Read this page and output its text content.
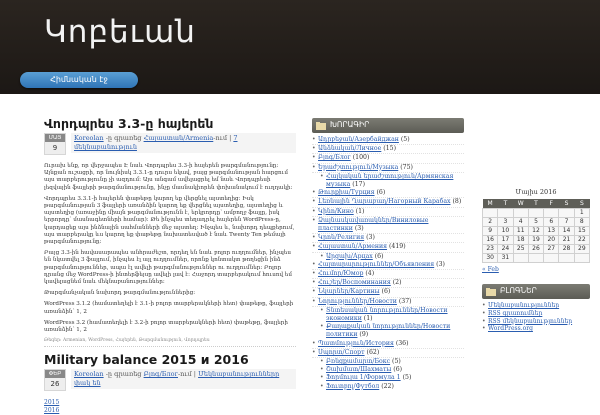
Կոբեւան
Հիմնական էջ
Վորդպրես 3.3-ը հայերեն
ՄԱՅ
9
Koreolan -ը գրառեց Հայաստան/Armenia-ում | 7 մեկնաբանություն

Ուրախ ենք, որ վերջապես Է նաև Վորդպրես 3.3-ի հայերեն թարգմանությունը: Այնքան ուշացրի, որ նույնիսկ 3.3.1-ը դուրս եկավ, բայց թարգմանության հարցում այս տարբերությունը չի ազդում: Այս անգամ ավելացրել եմ նաև Վորդպրեսի լեզվային ֆայլերի թարգմանությունը, ինչը մասնակիորեն փոխանակում է ուղղակի:

Վորդպրես 3.3.1-ի հայերեն փաթեթը կարող եք վերցնել այստեղից: Իսկ թարգմանության 3 ֆայլերի առանձին կարող եք վերցնել այստեղից, այստեղից և այստեղից (առաջինը միայն թարգմանությունն է, երկրորդը՝ ամբողջ ֆայլը, իսկ երրորդը՝ մասնագետների համար): Թե ինչպես տեղադրել հայերեն WordPress-ը, կարդացեք այս ինձնային սահմանների մեջ այստեղ: Ինչպես և, նախորդ դեպքերում, այս տարբերակը ևս կարող եք փաթեթը նախատեսված է նաև Twenty Ten թեմայի թարգմանությունը:

Բայց 3.3-ին հավասարապես անհրաժեշտ, որդեղ են նաև բոլոր ուղղումներ, ինչպես են նկատվել 3 ֆայլում, ինչպես էլ այլ ուղղումներ, որոնք կոնտակտ թողեցին ինձ թարգմանություններ, ապա էլ ավելի թարգմանություններ ու ուղղումներ: Բոլոր դրանց մեջ WordPress-ի ինտերֆեյսը ավելի լավ է: Հաջորդ տարբերակում հուսով եմ կավելացնեմ նաև մեկնաբանություններ:

Թարգմանչական նախորդ թարգմանություններից:

WordPress 3.1.2 (համատեղելի է 3.1-ի բոլոր տարբերակների հետ) փաթեթը, ֆայլերի առանձին՝ 1, 2

WordPress 3.2 (համատեղելի է 3.2-ի բոլոր տարբերակների հետ) փաթեթը, ֆայլերի առանձին՝ 1, 2

Թեգեր: Armenian, WordPress, Հայերեն, Թարգմանություն, Վորդպրես
Military balance 2015 и 2016
ՓԵԲ
26
Koreolan -ը գրառեց Բլոգ/Блог-ում | Մեկնաբանությունները փակ են
2015
2016
ԽՈՐԱԳԻՐ
• Ադրբեջան/Азербайджан (5)
• Անձնական/Личное (15)
• Բլոգ/Блог (100)
• Երաժշտություն/Музыка (75)
• Հայկական երաժշտություն/Армянская музыка (17)
• Թուրքիա/Турция (6)
• Լեռնային Ղարաբաղ/Нагорный Карабах (8)
• Կինո/Кино (1)
• Ձայնասկավառակներ/Виниловые пластинки (3)
• Կրոն/Религия (3)
• Հայաստան/Армения (419)
• Արցախ/Арцах (6)
• Հայտարարություններ/Объявления (3)
• Հումոր/Юмор (4)
• Հուշեր/Воспоминания (2)
• Նկարներ/Картины (6)
• Նորություններ/Новости (37)
• Տնտեսական նորություններ/Новости экономики (1)
• Քաղաքական նորություններ/Новости политики (9)
• Պատմություն/История (36)
• Սպորտ/Спорт (62)
• Բռնցքամարտ/Бокс (5)
• Շախմատ/Шахматы (6)
• Ֆորմուլա 1/Формула 1 (5)
• Ֆուտբոլ/Футбол (22)
Մայիս 2016
M	T	W	T	F	S	S
						1
2	3	4	5	6	7	8
9	10	11	12	13	14	15
16	17	18	19	20	21	22
23	24	25	26	27	28	29
30	31					
« Feb
ԲԼՈԳՆԵՐ
• Մեկնաբանություններ
• RSS գրառումներ
• RSS մեկնաբանություններ
• WordPress.org
